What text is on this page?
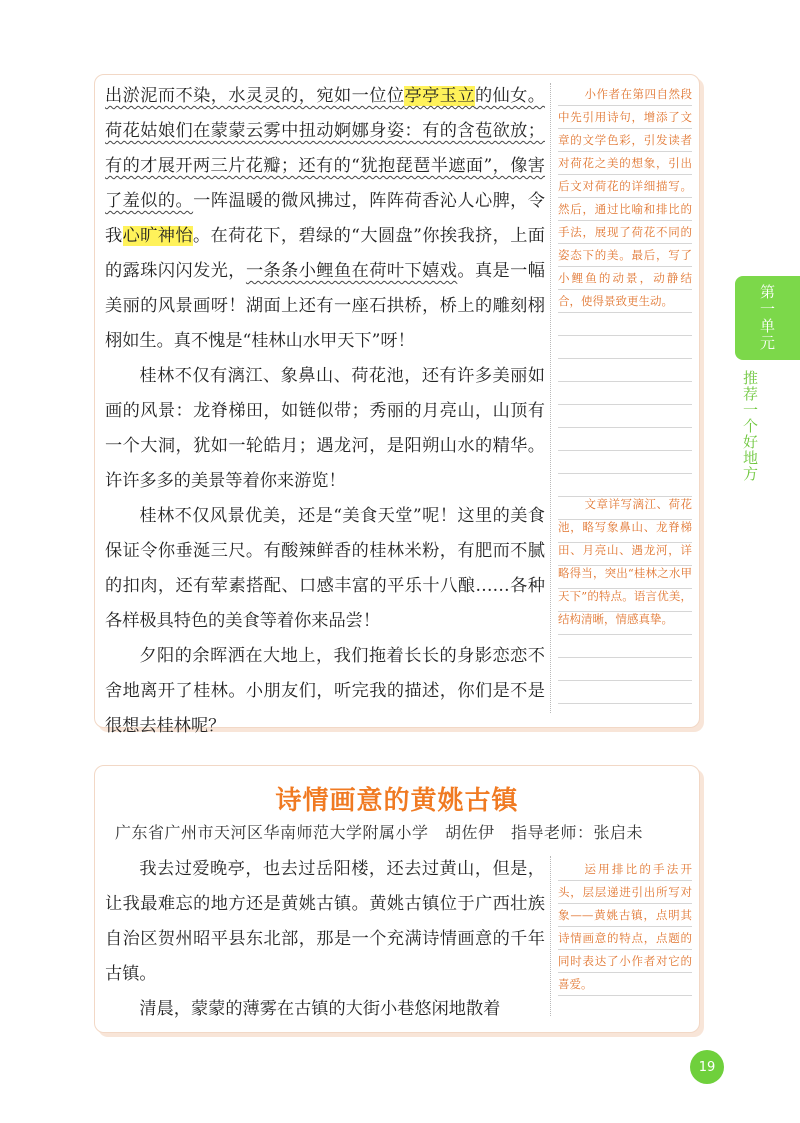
出淤泥而不染，水灵灵的，宛如一位位亭亭玉立的仙女。荷花姑娘们在蒙蒙云雾中扭动婀娜身姿：有的含苞欲放；有的才展开两三片花瓣；还有的“犹抱琵琶半遮面”，像害了羞似的。一阵温暖的微风拂过，阵阵荷香沁人心脾，令我心旷神怡。在荷花下，碧绿的“大圆盘”你挨我挤，上面的露珠闪闪发光，一条条小鲤鱼在荷叶下嬉戏。真是一幅美丽的风景画呀！湖面上还有一座石拱桥，桥上的雕刻栩栩如生。真不愧是“桂林山水甲天下”呀！

桂林不仅有漓江、象鼻山、荷花池，还有许多美丽如画的风景：龙脊梯田，如链似带；秀丽的月亮山，山顶有一个大洞，犹如一轮皓月；遇龙河，是阳朔山水的精华。许许多多的美景等着你来游览！

桂林不仅风景优美，还是“美食天堂”呢！这里的美食保证令你垂涎三尺。有酸辣鲜香的桂林米粉，有肥而不腻的扣肉，还有荤素搭配、口感丰富的平乐十八酿……各种各样极具特色的美食等着你来品尝！

夕阳的余晖洒在大地上，我们拖着长长的身影恋恋不舍地离开了桂林。小朋友们，听完我的描述，你们是不是很想去桂林呢？

小作者在第四自然段中先引用诗句，增添了文章的文学色彩，引发读者对荷花之美的想象，引出后文对荷花的详细描写。然后，通过比喻和排比的手法，展现了荷花不同的姿态下的美。最后，写了小鲤鱼的动景，动静结合，使得景致更生动。

文章详写漓江、荷花池，略写象鼻山、龙脊梯田、月亮山、遇龙河，详略得当，突出“桂林之水甲天下”的特点。语言优美，结构清晰，情感真挚。

诗情画意的黄姚古镇
广东省广州市天河区华南师范大学附属小学　胡佐伊　指导老师：张启未

我去过爱晚亭，也去过岳阳楼，还去过黄山，但是，让我最难忘的地方还是黄姚古镇。黄姚古镇位于广西壮族自治区贺州昭平县东北部，那是一个充满诗情画意的千年古镇。

清晨，蒙蒙的薄雾在古镇的大街小巷悠闲地散着

运用排比的手法开头，层层递进引出所写对象——黄姚古镇，点明其诗情画意的特点，点题的同时表达了小作者对它的喜爱。

第一单元
推荐一个好地方
19
